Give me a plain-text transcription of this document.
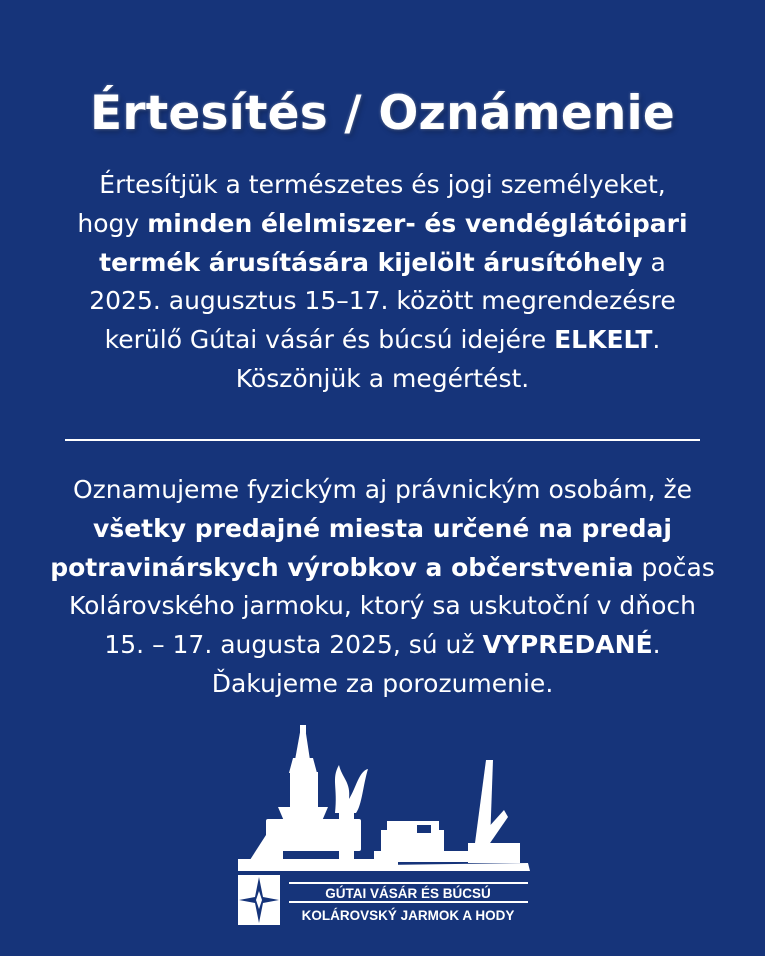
Értesítés / Oznámenie
Értesítjük a természetes és jogi személyeket,
hogy minden élelmiszer- és vendéglátóipari
termék árusítására kijelölt árusítóhely a
2025. augusztus 15–17. között megrendezésre
kerülő Gútai vásár és búcsú idejére ELKELT.
Köszönjük a megértést.
Oznamujeme fyzickým aj právnickým osobám, že
všetky predajné miesta určené na predaj
potravinárskych výrobkov a občerstvenia počas
Kolárovského jarmoku, ktorý sa uskutoční v dňoch
15. – 17. augusta 2025, sú už VYPREDANÉ.
Ďakujeme za porozumenie.
GÚTAI VÁSÁR ÉS BÚCSÚ
KOLÁROVSKÝ JARMOK A HODY
